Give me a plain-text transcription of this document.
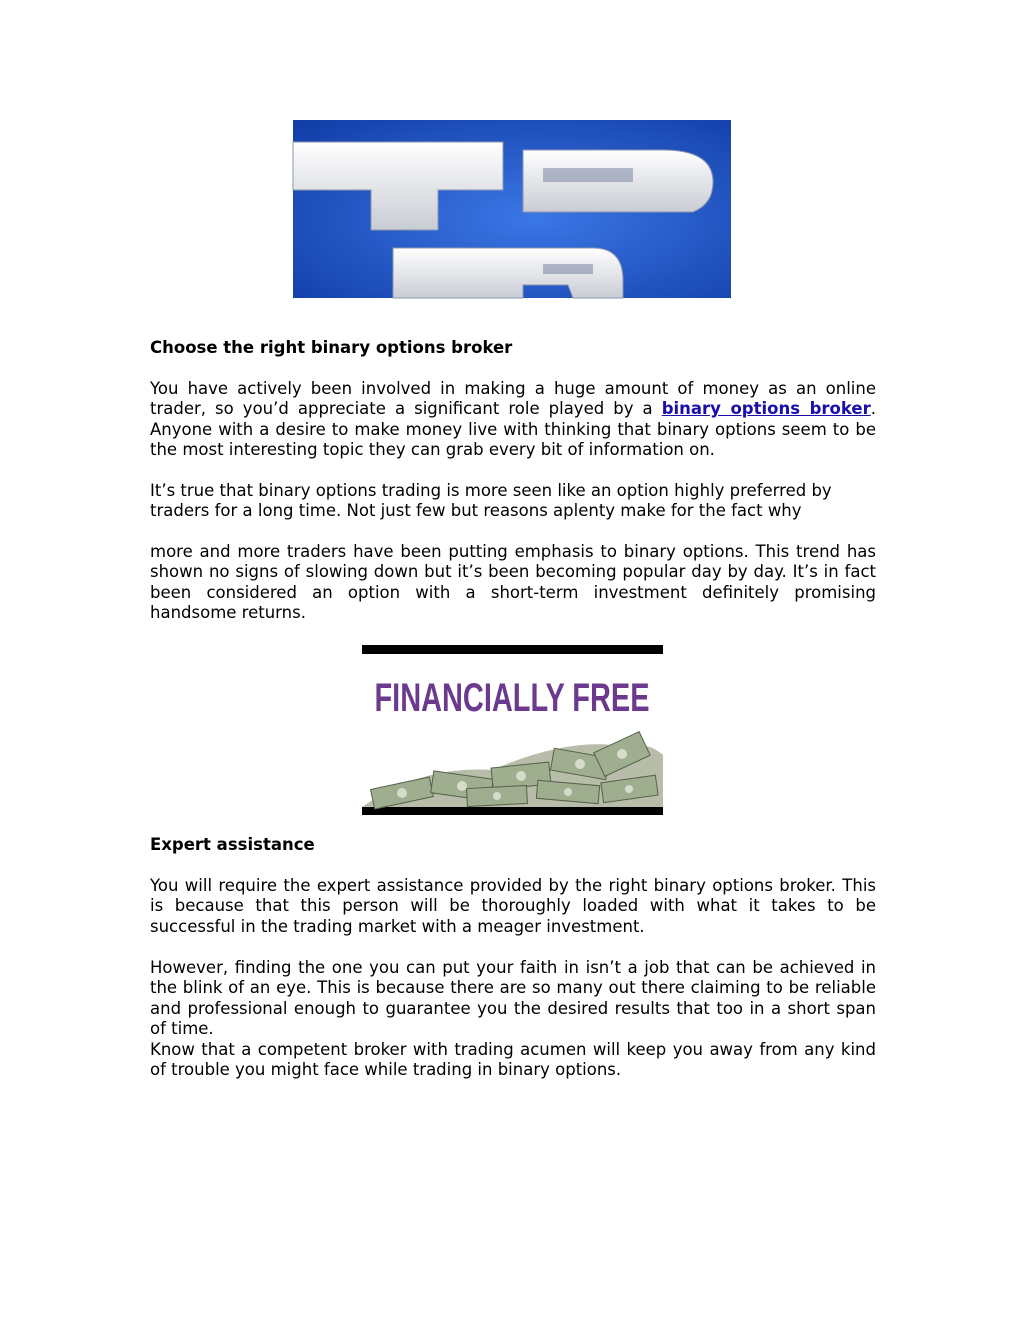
Choose the right binary options broker
You have actively been involved in making a huge amount of money as an online trader, so you’d appreciate a significant role played by a binary options broker. Anyone with a desire to make money live with thinking that binary options seem to be the most interesting topic they can grab every bit of information on.
It’s true that binary options trading is more seen like an option highly preferred by traders for a long time. Not just few but reasons aplenty make for the fact why
more and more traders have been putting emphasis to binary options. This trend has shown no signs of slowing down but it’s been becoming popular day by day. It’s in fact been considered an option with a short-term investment definitely promising handsome returns.
FINANCIALLY FREE
Expert assistance
You will require the expert assistance provided by the right binary options broker. This is because that this person will be thoroughly loaded with what it takes to be successful in the trading market with a meager investment.
However, finding the one you can put your faith in isn’t a job that can be achieved in the blink of an eye. This is because there are so many out there claiming to be reliable and professional enough to guarantee you the desired results that too in a short span of time.
Know that a competent broker with trading acumen will keep you away from any kind of trouble you might face while trading in binary options.
